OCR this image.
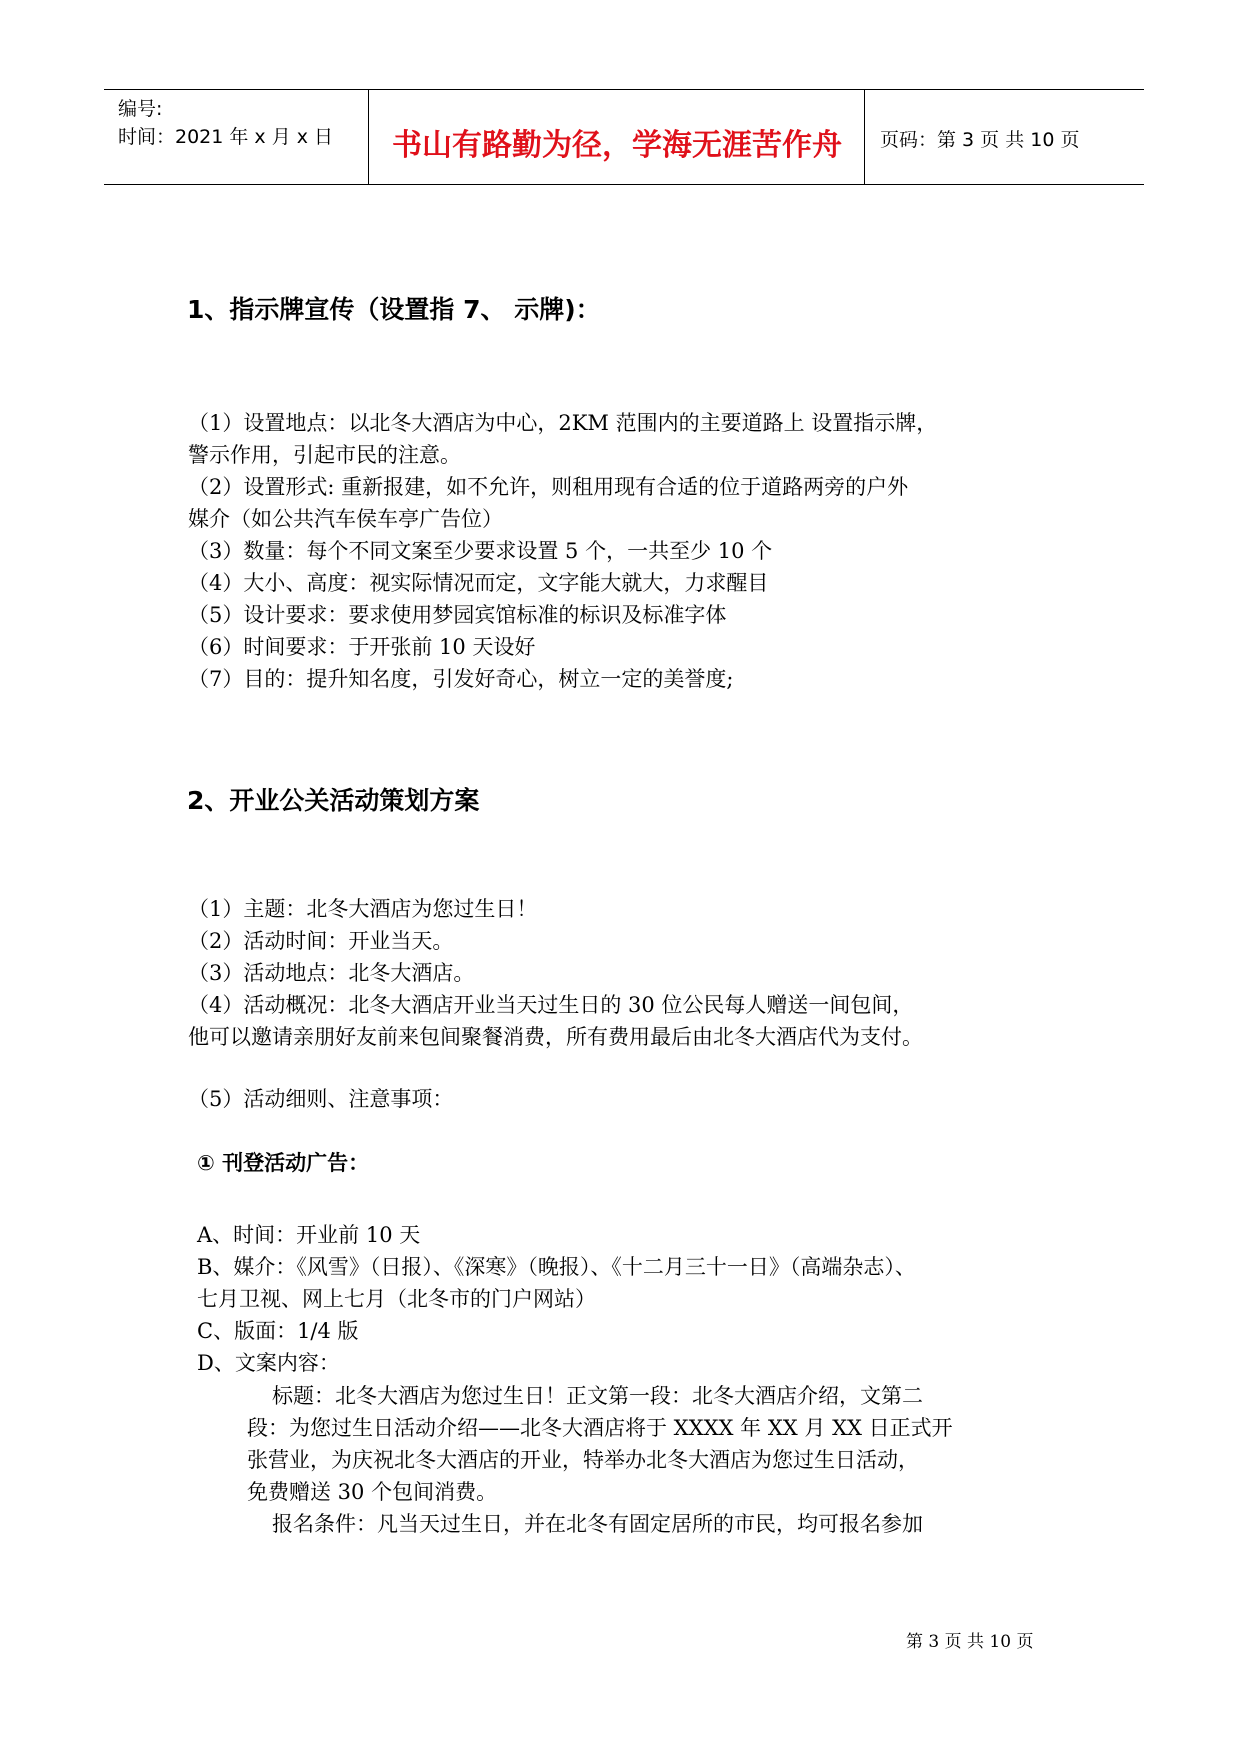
编号:
时间：2021 年 x 月 x 日	书山有路勤为径，学海无涯苦作舟	页码：第 3 页 共 10 页
1、指示牌宣传（设置指 7、 示牌)：
（1）设置地点：以北冬大酒店为中心，2KM 范围内的主要道路上 设置指示牌，
警示作用，引起市民的注意。
（2）设置形式: 重新报建，如不允许，则租用现有合适的位于道路两旁的户外
媒介（如公共汽车侯车亭广告位）
（3）数量：每个不同文案至少要求设置 5 个，一共至少 10 个
（4）大小、高度：视实际情况而定，文字能大就大，力求醒目
（5）设计要求：要求使用梦园宾馆标准的标识及标准字体
（6）时间要求：于开张前 10 天设好
（7）目的：提升知名度，引发好奇心，树立一定的美誉度;
2、开业公关活动策划方案
（1）主题：北冬大酒店为您过生日！
（2）活动时间：开业当天。
（3）活动地点：北冬大酒店。
（4）活动概况：北冬大酒店开业当天过生日的 30 位公民每人赠送一间包间，
他可以邀请亲朋好友前来包间聚餐消费，所有费用最后由北冬大酒店代为支付。
（5）活动细则、注意事项：
① 刊登活动广告：
A、时间：开业前 10 天
B、媒介：《风雪》（日报）、《深寒》（晚报）、《十二月三十一日》（高端杂志）、
七月卫视、网上七月（北冬市的门户网站）
C、版面：1/4 版
D、文案内容：
标题：北冬大酒店为您过生日！正文第一段：北冬大酒店介绍，文第二
段：为您过生日活动介绍——北冬大酒店将于 XXXX 年 XX 月 XX 日正式开
张营业，为庆祝北冬大酒店的开业，特举办北冬大酒店为您过生日活动，
免费赠送 30 个包间消费。
报名条件：凡当天过生日，并在北冬有固定居所的市民，均可报名参加
第 3 页 共 10 页
